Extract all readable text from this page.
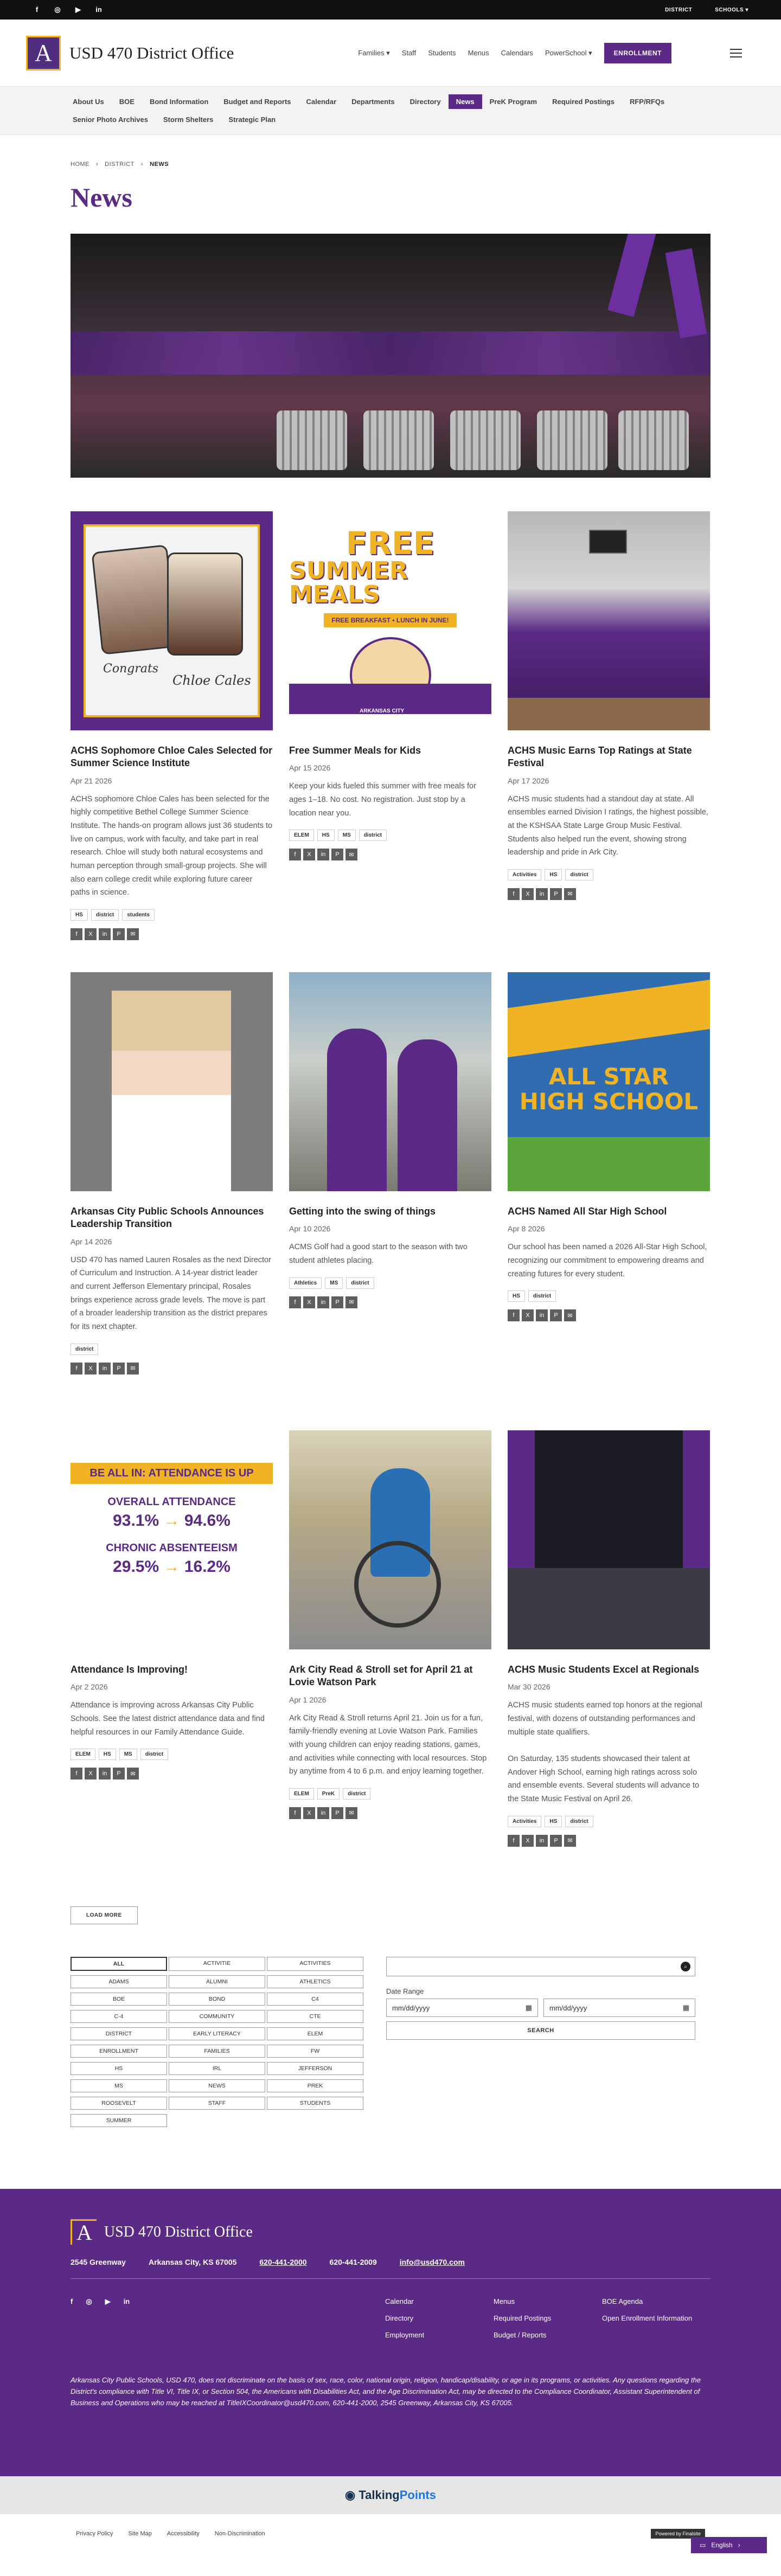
f	◎ ▶ in	DISTRICT	SCHOOLS ▾
A	USD 470 District Office	Families ▾ Staff Students Menus Calendars PowerSchool ▾	ENROLLMENT
About Us	BOE	Bond Information	Budget and Reports	Calendar	Departments	Directory	News	PreK Program	Required Postings	RFP/RFQs
Senior Photo Archives	Storm Shelters	Strategic Plan
HOME › DISTRICT › NEWS
News
Congrats
Chloe Cales
ACHS Sophomore Chloe Cales Selected for Summer Science Institute
Apr 21 2026

ACHS sophomore Chloe Cales has been selected for the highly competitive Bethel College Summer Science Institute. The hands-on program allows just 36 students to live on campus, work with faculty, and take part in real research. Chloe will study both natural ecosystems and human perception through small-group projects. She will also earn college credit while exploring future career paths in science.

HS	district	students
f	X	in	P	✉
FREE
SUMMER MEALS
FREE BREAKFAST • LUNCH IN JUNE!
ARKANSAS CITY PUBLIC SCHOOLS
Free Summer Meals for Kids
Apr 15 2026

Keep your kids fueled this summer with free meals for ages 1–18. No cost. No registration. Just stop by a location near you.

ELEM	HS	MS	district
f	X	in	P	✉
ACHS Music Earns Top Ratings at State Festival
Apr 17 2026

ACHS music students had a standout day at state. All ensembles earned Division I ratings, the highest possible, at the KSHSAA State Large Group Music Festival. Students also helped run the event, showing strong leadership and pride in Ark City.

Activities	HS	district
f	X	in	P	✉
Arkansas City Public Schools Announces Leadership Transition
Apr 14 2026

USD 470 has named Lauren Rosales as the next Director of Curriculum and Instruction. A 14-year district leader and current Jefferson Elementary principal, Rosales brings experience across grade levels. The move is part of a broader leadership transition as the district prepares for its next chapter.

district
f	X	in	P	✉
Getting into the swing of things
Apr 10 2026

ACMS Golf had a good start to the season with two student athletes placing.

Athletics	MS	district
f	X	in	P	✉
ALL STAR
HIGH SCHOOL
ACHS Named All Star High School
Apr 8 2026

Our school has been named a 2026 All-Star High School, recognizing our commitment to empowering dreams and creating futures for every student.

HS	district
f	X	in	P	✉
BE ALL IN: ATTENDANCE IS UP
OVERALL ATTENDANCE
93.1% → 94.6%
CHRONIC ABSENTEEISM
29.5% → 16.2%
Attendance Is Improving!
Apr 2 2026

Attendance is improving across Arkansas City Public Schools. See the latest district attendance data and find helpful resources in our Family Attendance Guide.

ELEM	HS	MS	district
f	X	in	P	✉
Ark City Read & Stroll set for April 21 at Lovie Watson Park
Apr 1 2026

Ark City Read & Stroll returns April 21. Join us for a fun, family-friendly evening at Lovie Watson Park. Families with young children can enjoy reading stations, games, and activities while connecting with local resources. Stop by anytime from 4 to 6 p.m. and enjoy learning together.

ELEM	PreK	district
f	X	in	P	✉
ACHS Music Students Excel at Regionals
Mar 30 2026

ACHS music students earned top honors at the regional festival, with dozens of outstanding performances and multiple state qualifiers.

On Saturday, 135 students showcased their talent at Andover High School, earning high ratings across solo and ensemble events. Several students will advance to the State Music Festival on April 26.

Activities	HS	district
f	X	in	P	✉
LOAD MORE
ALL	ACTIVITIE	ACTIVITIES
ADAMS	ALUMNI	ATHLETICS
BOE	BOND	C4
C-4	COMMUNITY	CTE
DISTRICT	EARLY LITERACY	ELEM
ENROLLMENT	FAMILIES	FW
HS	IRL	JEFFERSON
MS	NEWS	PREK
ROOSEVELT	STAFF	STUDENTS
SUMMER
⌕
Date Range
mm/dd/yyyy	▦ mm/dd/yyyy	▦
SEARCH
A USD 470 District Office
2545 Greenway	Arkansas City, KS 67005	620-441-2000	620-441-2009	info@usd470.com
f ◎ ▶ in	Calendar	Menus	BOE Agenda
Directory	Required Postings	Open Enrollment Information
Employment	Budget / Reports

Arkansas City Public Schools, USD 470, does not discriminate on the basis of sex, race, color, national origin, religion, handicap/disability, or age in its programs, or activities. Any questions regarding the District's compliance with Title VI, Title IX, or Section 504, the Americans with Disabilities Act, and the Age Discrimination Act, may be directed to the Compliance Coordinator, Assistant Superintendent of Business and Operations who may be reached at TitleIXCoordinator@usd470.com, 620-441-2000, 2545 Greenway, Arkansas City, KS 67005.

◉ TalkingPoints
Privacy Policy	Site Map	Accessibility	Non-Discrimination	Powered by Finalsite
▭ English ›
